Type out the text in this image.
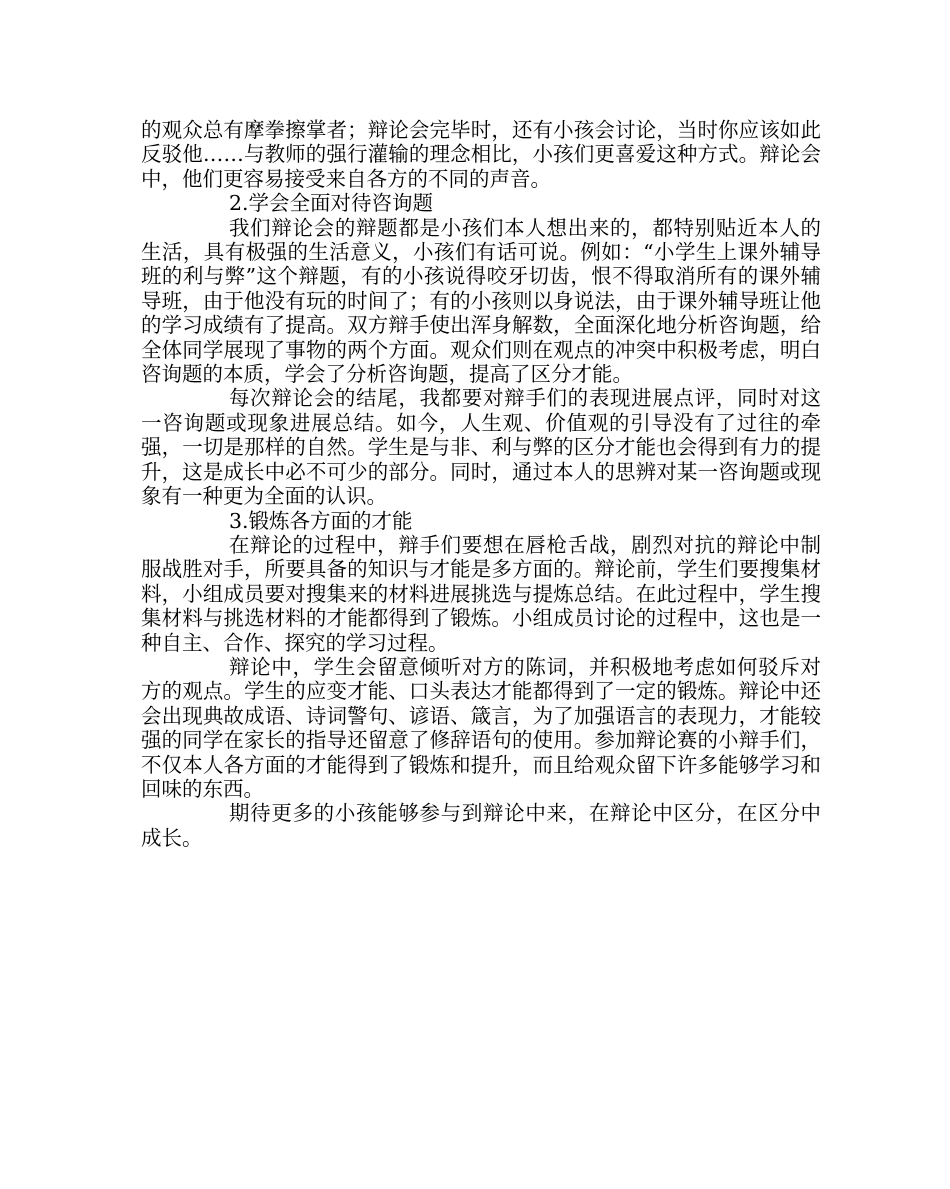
的观众总有摩拳擦掌者；辩论会完毕时，还有小孩会讨论，当时你应该如此反驳他……与教师的强行灌输的理念相比，小孩们更喜爱这种方式。辩论会中，他们更容易接受来自各方的不同的声音。

2.学会全面对待咨询题

我们辩论会的辩题都是小孩们本人想出来的，都特别贴近本人的生活，具有极强的生活意义，小孩们有话可说。例如：“小学生上课外辅导班的利与弊”这个辩题，有的小孩说得咬牙切齿，恨不得取消所有的课外辅导班，由于他没有玩的时间了；有的小孩则以身说法，由于课外辅导班让他的学习成绩有了提高。双方辩手使出浑身解数，全面深化地分析咨询题，给全体同学展现了事物的两个方面。观众们则在观点的冲突中积极考虑，明白咨询题的本质，学会了分析咨询题，提高了区分才能。

每次辩论会的结尾，我都要对辩手们的表现进展点评，同时对这一咨询题或现象进展总结。如今，人生观、价值观的引导没有了过往的牵强，一切是那样的自然。学生是与非、利与弊的区分才能也会得到有力的提升，这是成长中必不可少的部分。同时，通过本人的思辨对某一咨询题或现象有一种更为全面的认识。

3.锻炼各方面的才能

在辩论的过程中，辩手们要想在唇枪舌战，剧烈对抗的辩论中制服战胜对手，所要具备的知识与才能是多方面的。辩论前，学生们要搜集材料，小组成员要对搜集来的材料进展挑选与提炼总结。在此过程中，学生搜集材料与挑选材料的才能都得到了锻炼。小组成员讨论的过程中，这也是一种自主、合作、探究的学习过程。

辩论中，学生会留意倾听对方的陈词，并积极地考虑如何驳斥对方的观点。学生的应变才能、口头表达才能都得到了一定的锻炼。辩论中还会出现典故成语、诗词警句、谚语、箴言，为了加强语言的表现力，才能较强的同学在家长的指导还留意了修辞语句的使用。参加辩论赛的小辩手们，不仅本人各方面的才能得到了锻炼和提升，而且给观众留下许多能够学习和回味的东西。

期待更多的小孩能够参与到辩论中来，在辩论中区分，在区分中成长。
